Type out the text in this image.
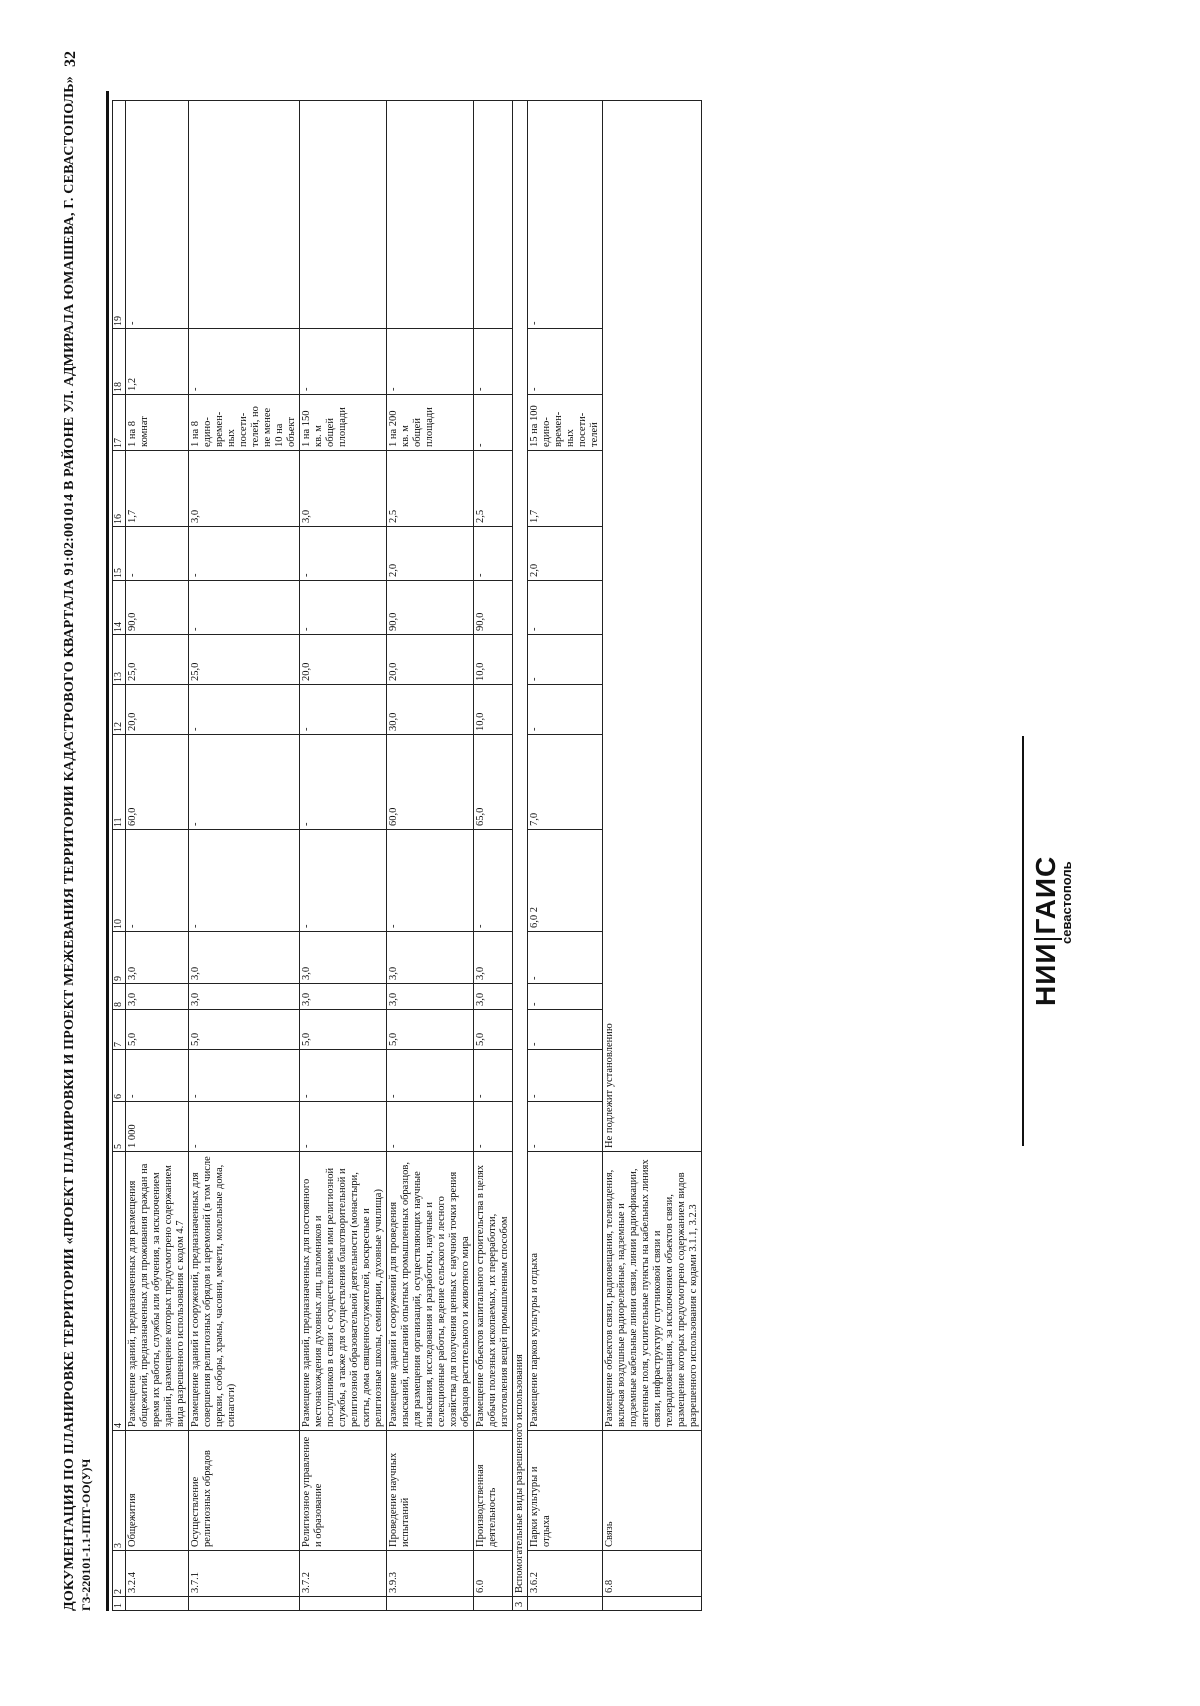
ДОКУМЕНТАЦИЯ ПО ПЛАНИРОВКЕ ТЕРРИТОРИИ «ПРОЕКТ ПЛАНИРОВКИ И ПРОЕКТ МЕЖЕВАНИЯ ТЕРРИТОРИИ КАДАСТРОВОГО КВАРТАЛА 91:02:001014 В РАЙОНЕ УЛ. АДМИРАЛА ЮМАШЕВА, Г. СЕВАСТОПОЛЬ» ГЗ-220101-1.1-ППТ-ОО(У)Ч
32
1	2	3	4	5	6	7	8	9	10	11	12	13	14	15	16	17	18	19
	3.2.4	Общежития	Размещение зданий, предназначенных для размещения общежитий, предназначенных для проживания граждан на время их работы, службы или обучения, за исключением зданий, размещение которых предусмотрено содержанием вида разрешенного использования с кодом 4.7	1 000	-	5,0	3,0	3,0	-	60,0	20,0	25,0	90,0	-	1,7	1 на 8 комнат	1,2	-
	3.7.1	Осуществление религиозных обрядов	Размещение зданий и сооружений, предназначенных для совершения религиозных обрядов и церемоний (в том числе церкви, соборы, храмы, часовни, мечети, молельные дома, синагоги)	-	-	5,0	3,0	3,0	-	-	-	25,0	-	-	3,0	1 на 8 едино-времен-ных посети-телей, но не менее 10 на объект	-	
	3.7.2	Религиозное управление и образование	Размещение зданий, предназначенных для постоянного местонахождения духовных лиц, паломников и послушников в связи с осуществлением ими религиозной службы, а также для осуществления благотворительной и религиозной образовательной деятельности (монастыри, скиты, дома священнослужителей, воскресные и религиозные школы, семинарии, духовные училища)	-	-	5,0	3,0	3,0	-	-	-	20,0	-	-	3,0	1 на 150 кв. м общей площади	-	
	3.9.3	Проведение научных испытаний	Размещение зданий и сооружений для проведения изысканий, испытаний опытных промышленных образцов, для размещения организаций, осуществляющих научные изыскания, исследования и разработки, научные и селекционные работы, ведение сельского и лесного хозяйства для получения ценных с научной точки зрения образцов растительного и животного мира	-	-	5,0	3,0	3,0	-	60,0	30,0	20,0	90,0	2,0	2,5	1 на 200 кв. м общей площади	-	
	6.0	Производственная деятельность	Размещение объектов капитального строительства в целях добычи полезных ископаемых, их переработки, изготовления вещей промышленным способом	-	-	5,0	3,0	3,0	-	65,0	10,0	10,0	90,0	-	2,5	-	-	
3	Вспомогательные виды разрешенного использования																	
	3.6.2	Парки культуры и отдыха	Размещение парков культуры и отдыха	-	-	-	-	-	6,0 2	7,0	-	-	-	2,0	1,7	15 на 100 едино-времен-ных посети-телей	-	-
	6.8	Связь	Размещение объектов связи, радиовещания, телевидения, включая воздушные радиорелейные, надземные и подземные кабельные линии связи, линии радиофикации, антенные поля, усилительные пункты на кабельных линиях связи, инфраструктуру спутниковой связи и телерадиовещания, за исключением объектов связи, размещение которых предусмотрено содержанием видов разрешенного использования с кодами 3.1.1, 3.2.3	Не подлежит установлению														
НИИГАИС
севастополь
